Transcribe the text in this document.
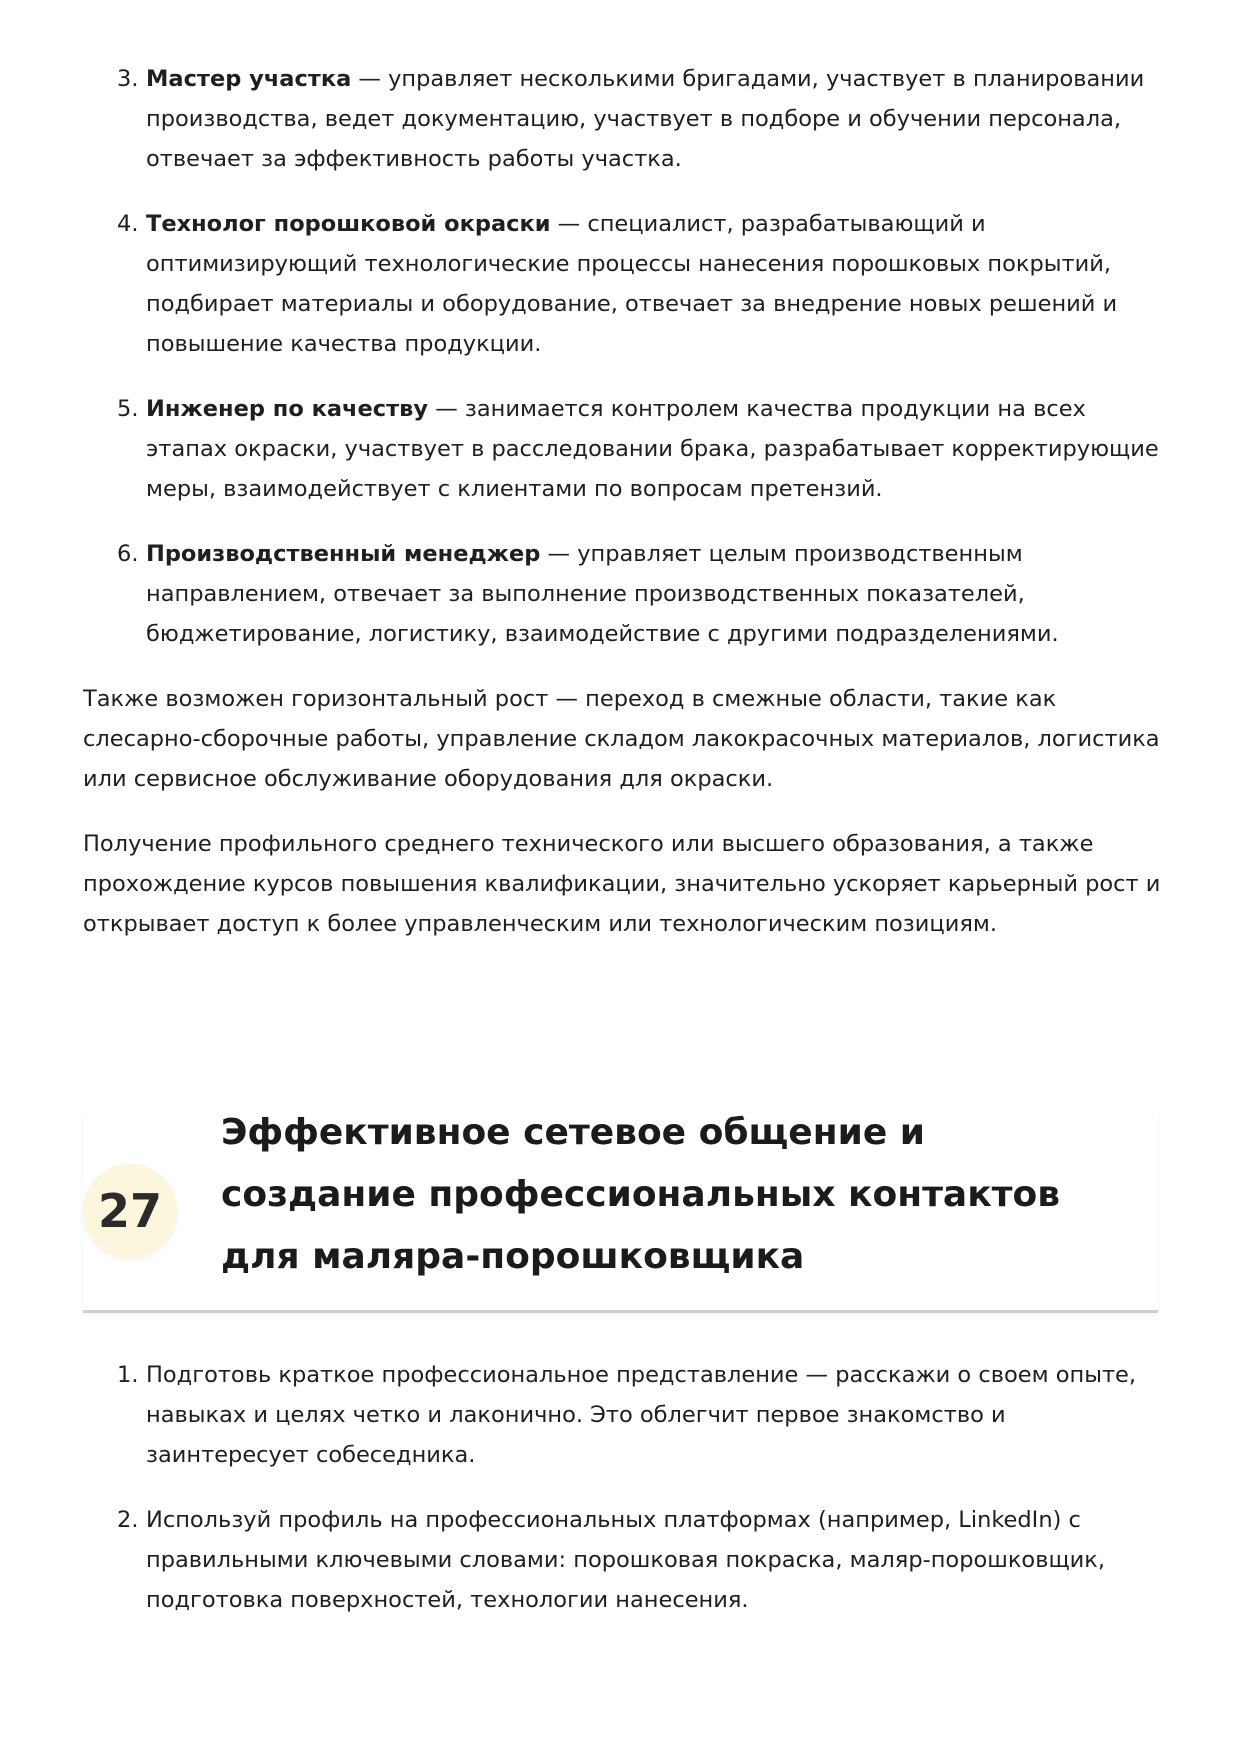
3. Мастер участка — управляет несколькими бригадами, участвует в планировании производства, ведет документацию, участвует в подборе и обучении персонала, отвечает за эффективность работы участка.
4. Технолог порошковой окраски — специалист, разрабатывающий и оптимизирующий технологические процессы нанесения порошковых покрытий, подбирает материалы и оборудование, отвечает за внедрение новых решений и повышение качества продукции.
5. Инженер по качеству — занимается контролем качества продукции на всех этапах окраски, участвует в расследовании брака, разрабатывает корректирующие меры, взаимодействует с клиентами по вопросам претензий.
6. Производственный менеджер — управляет целым производственным направлением, отвечает за выполнение производственных показателей, бюджетирование, логистику, взаимодействие с другими подразделениями.

Также возможен горизонтальный рост — переход в смежные области, такие как слесарно-сборочные работы, управление складом лакокрасочных материалов, логистика или сервисное обслуживание оборудования для окраски.

Получение профильного среднего технического или высшего образования, а также прохождение курсов повышения квалификации, значительно ускоряет карьерный рост и открывает доступ к более управленческим или технологическим позициям.

27
Эффективное сетевое общение и создание профессиональных контактов для маляра-порошковщика
1. Подготовь краткое профессиональное представление — расскажи о своем опыте, навыках и целях четко и лаконично. Это облегчит первое знакомство и заинтересует собеседника.
2. Используй профиль на профессиональных платформах (например, LinkedIn) с правильными ключевыми словами: порошковая покраска, маляр-порошковщик, подготовка поверхностей, технологии нанесения.
